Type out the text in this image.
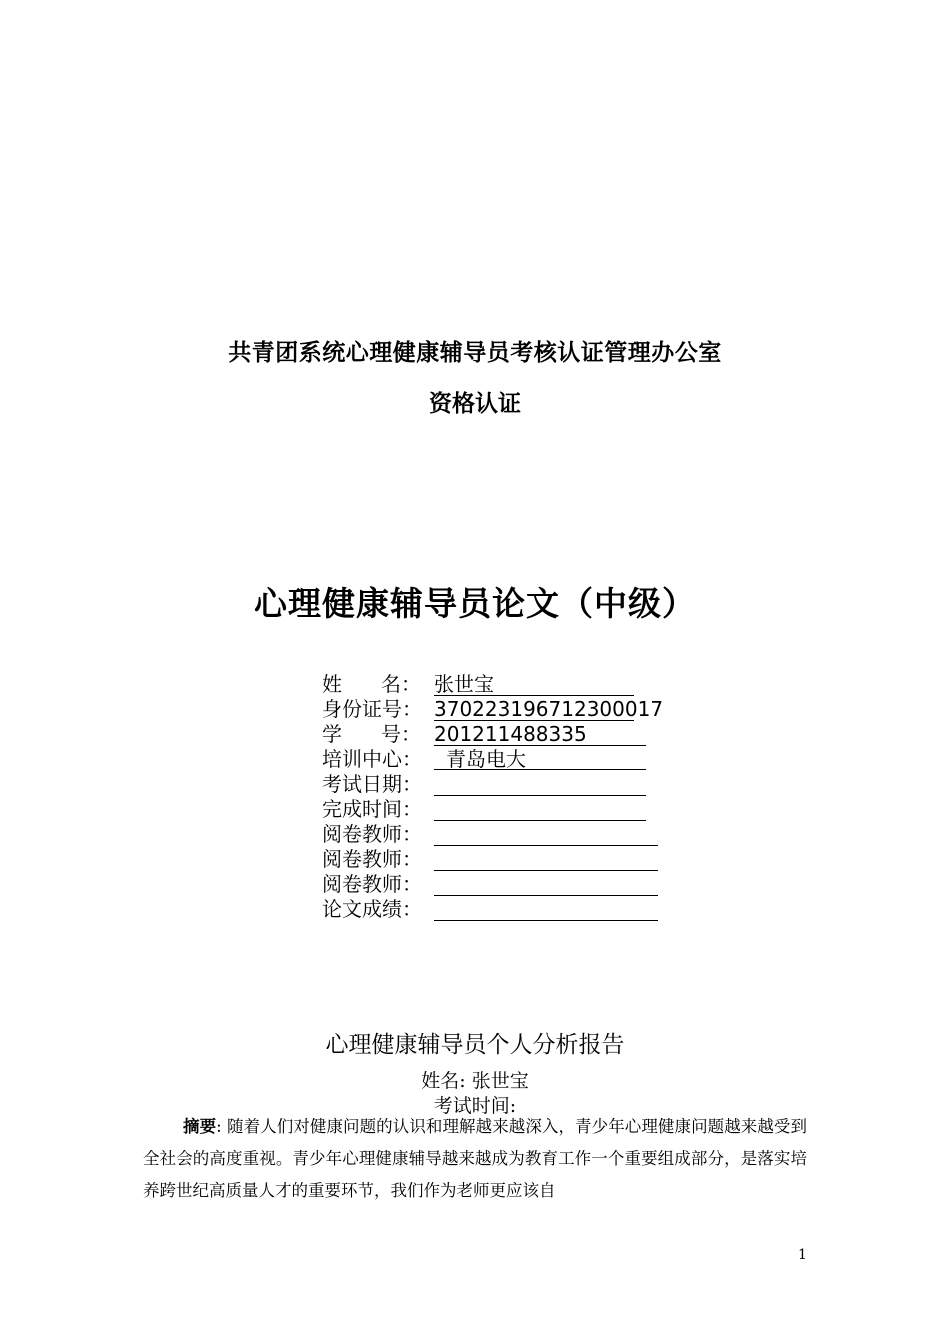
共青团系统心理健康辅导员考核认证管理办公室
资格认证
心理健康辅导员论文（中级）
姓 名： 张世宝
身份证号： 370223196712300017
学 号： 201211488335
培训中心：	青岛电大
考试日期：
完成时间：
阅卷教师：
阅卷教师：
阅卷教师：
论文成绩：
心理健康辅导员个人分析报告
姓名: 张世宝
考试时间:
摘要: 随着人们对健康问题的认识和理解越来越深入，青少年心理健康问题越来越受到全社会的高度重视。青少年心理健康辅导越来越成为教育工作一个重要组成部分，是落实培养跨世纪高质量人才的重要环节，我们作为老师更应该自
1
